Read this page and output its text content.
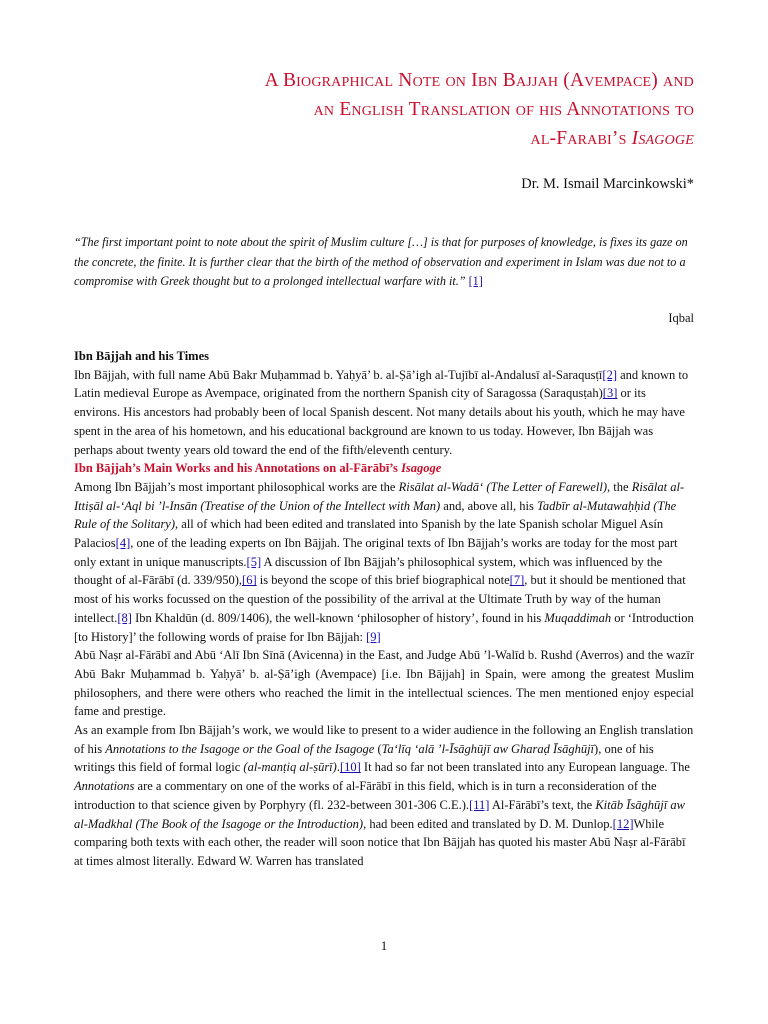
A Biographical Note on Ibn Bajjah (Avempace) and
an English Translation of his Annotations to
al-Farabi’s Isagoge
Dr. M. Ismail Marcinkowski*
“The first important point to note about the spirit of Muslim culture […] is that for purposes of knowledge, is fixes its gaze on the concrete, the finite. It is further clear that the birth of the method of observation and experiment in Islam was due not to a compromise with Greek thought but to a prolonged intellectual warfare with it.” [1]
Iqbal

Ibn Bājjah and his Times

Ibn Bājjah, with full name Abū Bakr Muḥammad b. Yaḥyā’ b. al-Ṣā’igh al-Tujībī al-Andalusī al-Saraqusṭī[2] and known to Latin medieval Europe as Avempace, originated from the northern Spanish city of Saragossa (Saraqusṭah)[3] or its environs. His ancestors had probably been of local Spanish descent. Not many details about his youth, which he may have spent in the area of his hometown, and his educational background are known to us today. However, Ibn Bājjah was perhaps about twenty years old toward the end of the fifth/eleventh century.

Ibn Bājjah’s Main Works and his Annotations on al-Fārābī’s Isagoge

Among Ibn Bājjah’s most important philosophical works are the Risālat al-Wadā‘ (The Letter of Farewell), the Risālat al-Ittiṣāl al-‘Aql bi ’l-Insān (Treatise of the Union of the Intellect with Man) and, above all, his Tadbīr al-Mutawaḥḥid (The Rule of the Solitary), all of which had been edited and translated into Spanish by the late Spanish scholar Miguel Asín Palacios[4], one of the leading experts on Ibn Bājjah. The original texts of Ibn Bājjah’s works are today for the most part only extant in unique manuscripts.[5] A discussion of Ibn Bājjah’s philosophical system, which was influenced by the thought of al-Fārābī (d. 339/950),[6] is beyond the scope of this brief biographical note[7], but it should be mentioned that most of his works focussed on the question of the possibility of the arrival at the Ultimate Truth by way of the human intellect.[8] Ibn Khaldūn (d. 809/1406), the well-known ‘philosopher of history’, found in his Muqaddimah or ‘Introduction [to History]’ the following words of praise for Ibn Bājjah: [9]

Abū Naṣr al-Fārābī and Abū ‘Alī Ibn Sīnā (Avicenna) in the East, and Judge Abū ’l-Walīd b. Rushd (Averros) and the wazīr Abū Bakr Muḥammad b. Yaḥyā’ b. al-Ṣā’igh (Avempace) [i.e. Ibn Bājjah] in Spain, were among the greatest Muslim philosophers, and there were others who reached the limit in the intellectual sciences. The men mentioned enjoy especial fame and prestige.

As an example from Ibn Bājjah’s work, we would like to present to a wider audience in the following an English translation of his Annotations to the Isagoge or the Goal of the Isagoge (Ta‘līq ‘alā ’l-Īsāghūjī aw Gharaḍ Īsāghūjī), one of his writings this field of formal logic (al-manṭiq al-ṣūrī).[10] It had so far not been translated into any European language. The Annotations are a commentary on one of the works of al-Fārābī in this field, which is in turn a reconsideration of the introduction to that science given by Porphyry (fl. 232-between 301-306 C.E.).[11] Al-Fārābī’s text, the Kitāb Īsāghūjī aw al-Madkhal (The Book of the Isagoge or the Introduction), had been edited and translated by D. M. Dunlop.[12]While comparing both texts with each other, the reader will soon notice that Ibn Bājjah has quoted his master Abū Naṣr al-Fārābī at times almost literally. Edward W. Warren has translated

1
